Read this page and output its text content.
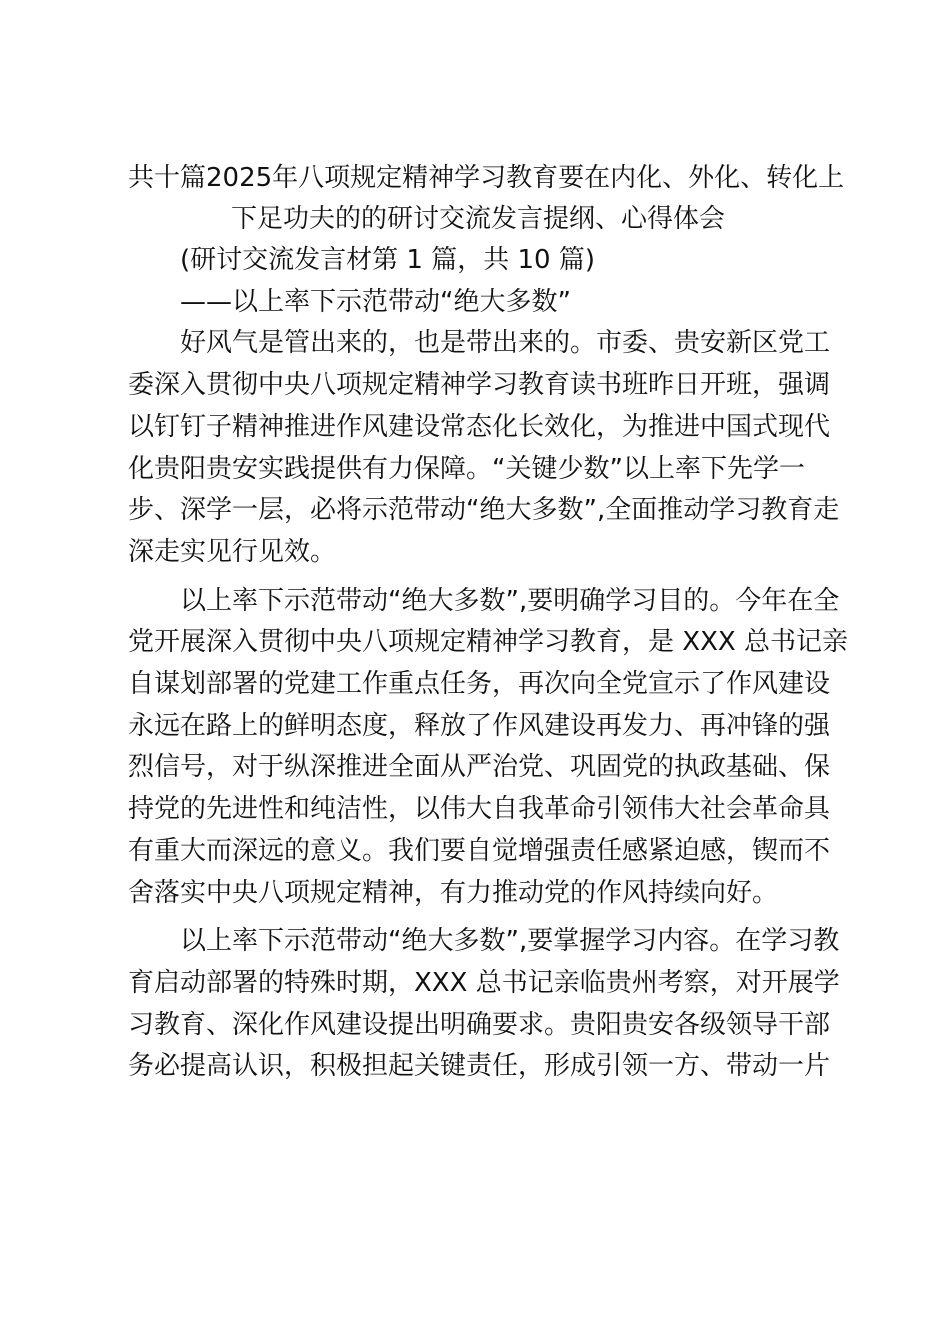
共十篇2025年八项规定精神学习教育要在内化、外化、转化上
下足功夫的的研讨交流发言提纲、心得体会

(研讨交流发言材第 1 篇，共 10 篇)

——以上率下示范带动“绝大多数”

好风气是管出来的，也是带出来的。市委、贵安新区党工
委深入贯彻中央八项规定精神学习教育读书班昨日开班，强调
以钉钉子精神推进作风建设常态化长效化，为推进中国式现代
化贵阳贵安实践提供有力保障。“关键少数”以上率下先学一
步、深学一层，必将示范带动“绝大多数”,全面推动学习教育走
深走实见行见效。

以上率下示范带动“绝大多数”,要明确学习目的。今年在全
党开展深入贯彻中央八项规定精神学习教育，是 XXX 总书记亲
自谋划部署的党建工作重点任务，再次向全党宣示了作风建设
永远在路上的鲜明态度，释放了作风建设再发力、再冲锋的强
烈信号，对于纵深推进全面从严治党、巩固党的执政基础、保
持党的先进性和纯洁性，以伟大自我革命引领伟大社会革命具
有重大而深远的意义。我们要自觉增强责任感紧迫感，锲而不
舍落实中央八项规定精神，有力推动党的作风持续向好。

以上率下示范带动“绝大多数”,要掌握学习内容。在学习教
育启动部署的特殊时期，XXX 总书记亲临贵州考察，对开展学
习教育、深化作风建设提出明确要求。贵阳贵安各级领导干部
务必提高认识，积极担起关键责任，形成引领一方、带动一片
